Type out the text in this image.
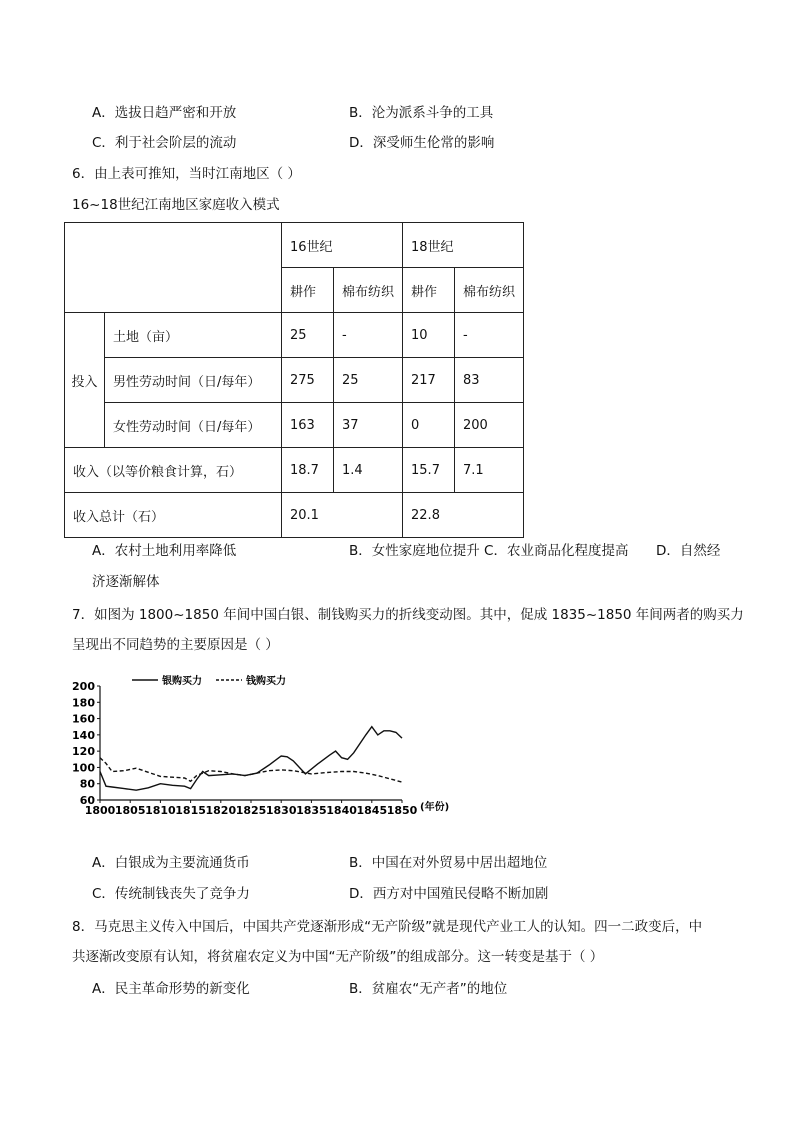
A．选拔日趋严密和开放	B．沦为派系斗争的工具
C．利于社会阶层的流动	D．深受师生伦常的影响
6．由上表可推知，当时江南地区（ ）
16~18世纪江南地区家庭收入模式
		16世纪		18世纪	
		耕作	棉布纺织	耕作	棉布纺织
投入	土地（亩）	25	-	10	-
	男性劳动时间（日/每年）	275	25	217	83
	女性劳动时间（日/每年）	163	37	0	200
收入（以等价粮食计算，石）		18.7	1.4	15.7	7.1
收入总计（石）		20.1		22.8	
A．农村土地利用率降低	B．女性家庭地位提升 C．农业商品化程度提高 D．自然经
济逐渐解体
7．如图为 1800~1850 年间中国白银、制钱购买力的折线变动图。其中，促成 1835~1850 年间两者的购买力
呈现出不同趋势的主要原因是（ ）
60
80
100
120
140
160
180
200
1800 1805 1810 1815 1820 1825 1830 1835 1840 1845 1850
银购买力	钱购买力
(年份)
A．白银成为主要流通货币	B．中国在对外贸易中居出超地位
C．传统制钱丧失了竞争力	D．西方对中国殖民侵略不断加剧
8．马克思主义传入中国后，中国共产党逐渐形成“无产阶级”就是现代产业工人的认知。四一二政变后，中
共逐渐改变原有认知，将贫雇农定义为中国“无产阶级”的组成部分。这一转变是基于（ ）
A．民主革命形势的新变化	B．贫雇农“无产者”的地位
